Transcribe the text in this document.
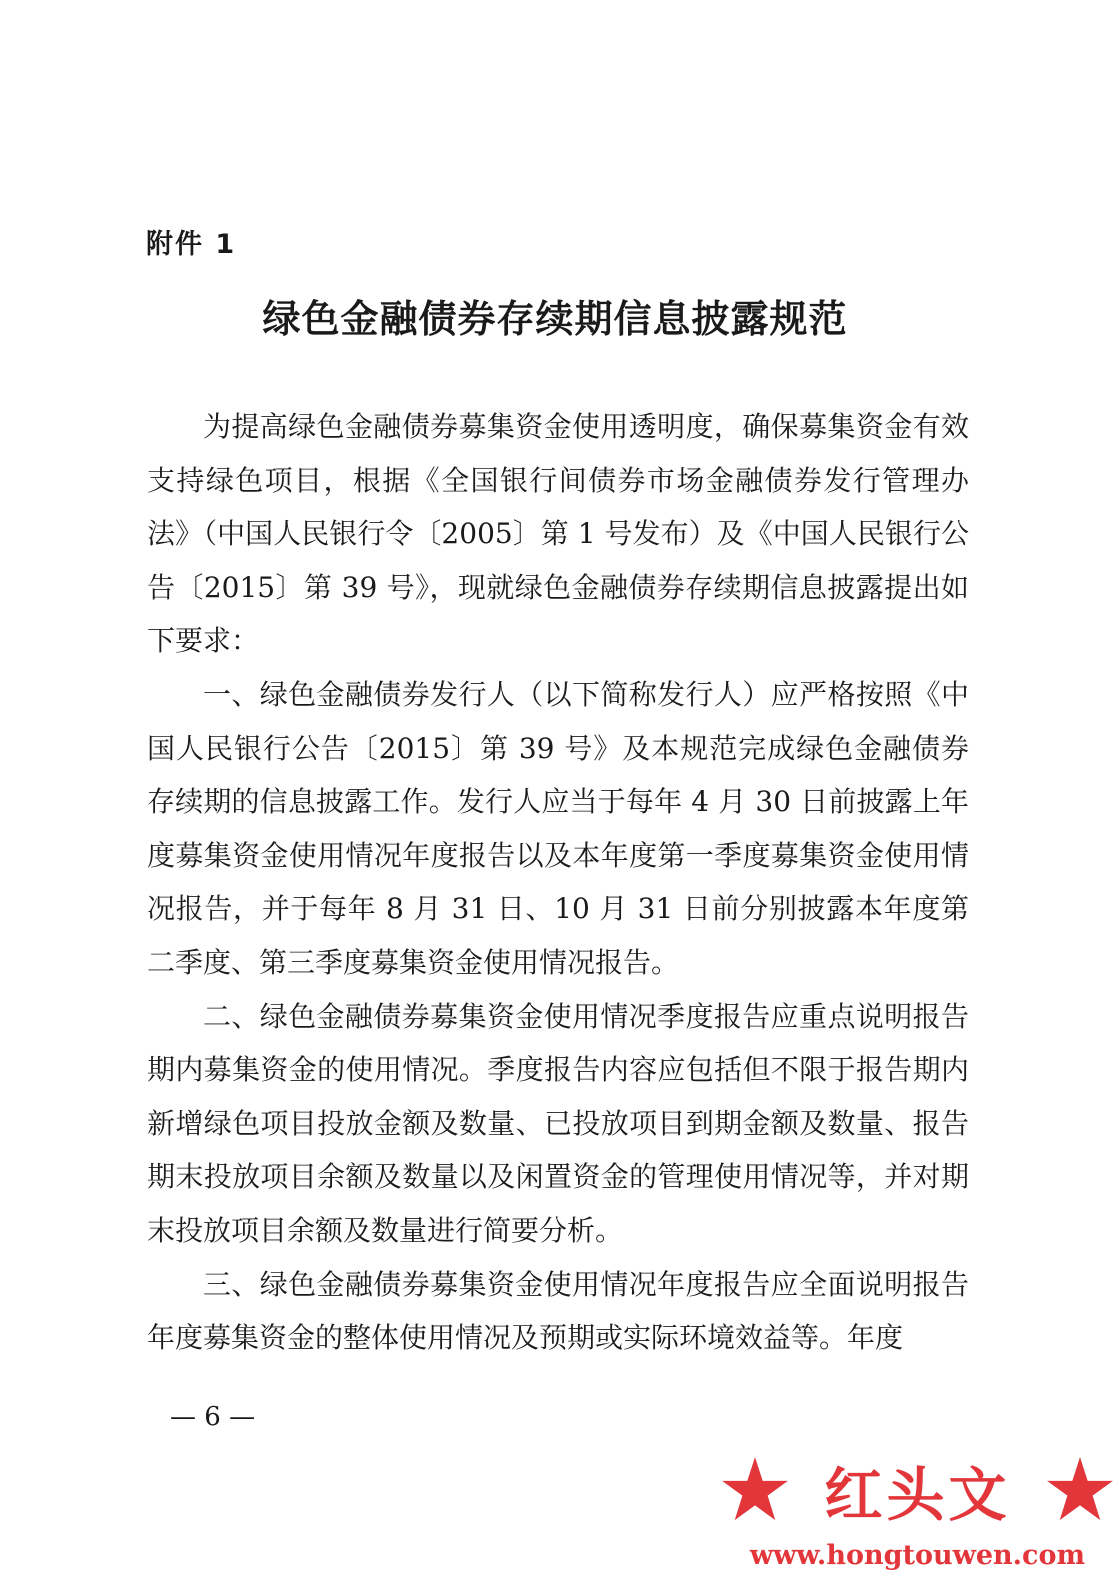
附件 1
绿色金融债券存续期信息披露规范

为提高绿色金融债券募集资金使用透明度，确保募集资金有效支持绿色项目，根据《全国银行间债券市场金融债券发行管理办法》（中国人民银行令〔2005〕第 1 号发布）及《中国人民银行公告〔2015〕第 39 号》，现就绿色金融债券存续期信息披露提出如下要求：

一、绿色金融债券发行人（以下简称发行人）应严格按照《中国人民银行公告〔2015〕第 39 号》及本规范完成绿色金融债券存续期的信息披露工作。发行人应当于每年 4 月 30 日前披露上年度募集资金使用情况年度报告以及本年度第一季度募集资金使用情况报告，并于每年 8 月 31 日、10 月 31 日前分别披露本年度第二季度、第三季度募集资金使用情况报告。

二、绿色金融债券募集资金使用情况季度报告应重点说明报告期内募集资金的使用情况。季度报告内容应包括但不限于报告期内新增绿色项目投放金额及数量、已投放项目到期金额及数量、报告期末投放项目余额及数量以及闲置资金的管理使用情况等，并对期末投放项目余额及数量进行简要分析。

三、绿色金融债券募集资金使用情况年度报告应全面说明报告年度募集资金的整体使用情况及预期或实际环境效益等。年度

— 6 —
红头文
www.hongtouwen.com
